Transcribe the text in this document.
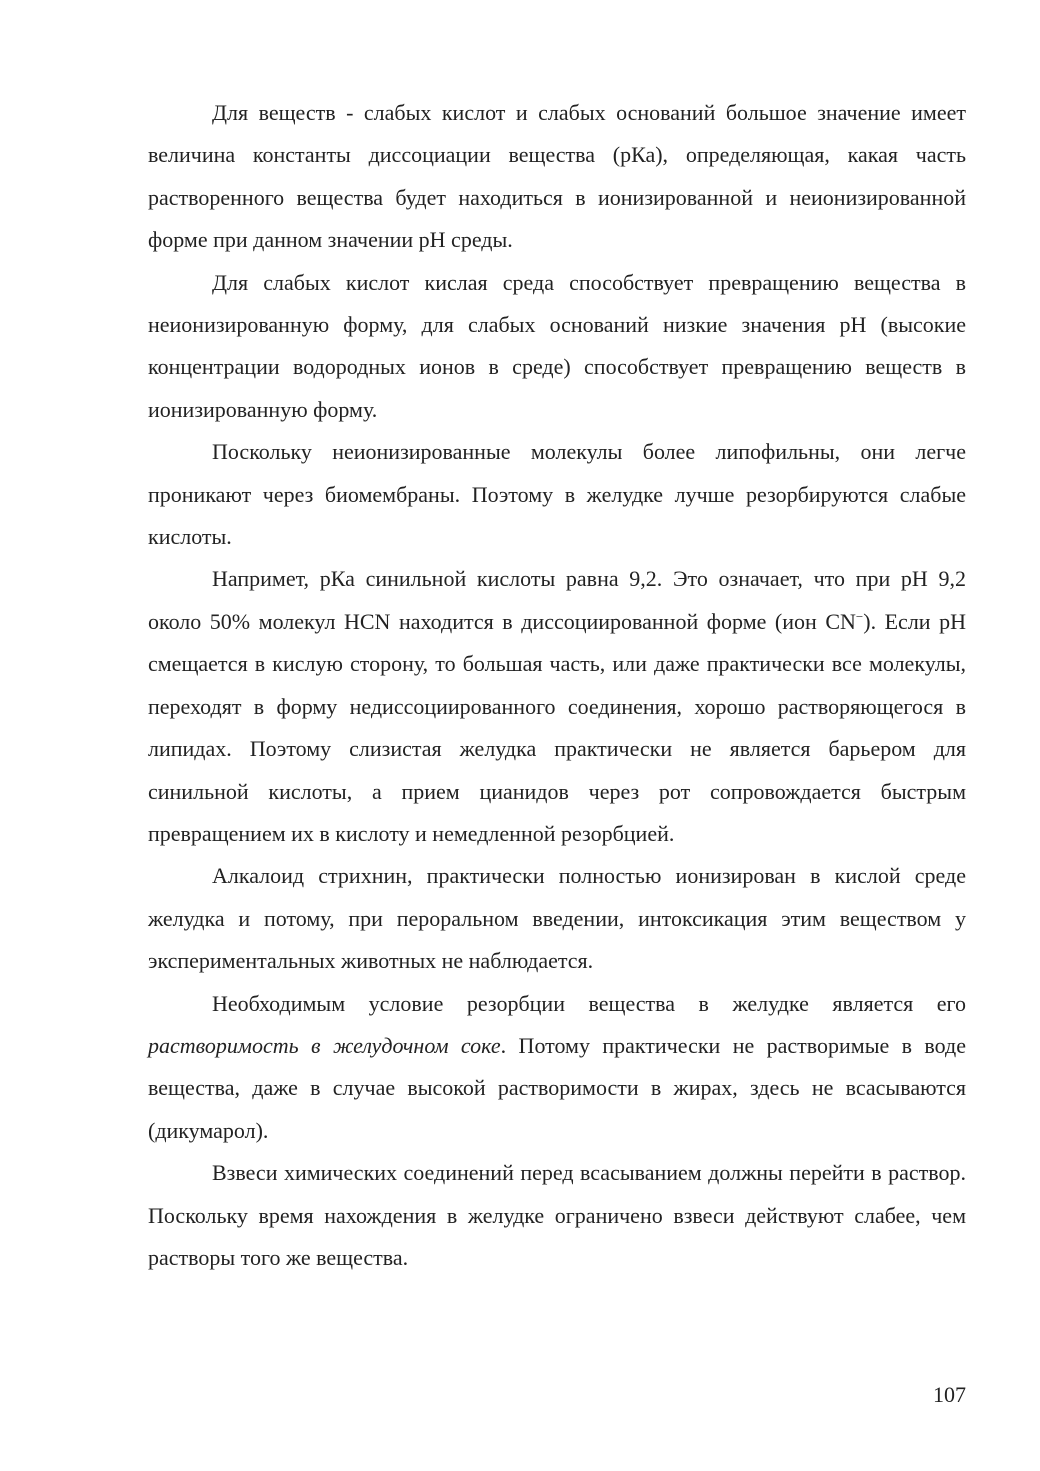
Для веществ - слабых кислот и слабых оснований большое значение имеет величина константы диссоциации вещества (рКа), определяющая, какая часть растворенного вещества будет находиться в ионизированной и неионизированной форме при данном значении рН среды.

Для слабых кислот кислая среда способствует превращению вещества в неионизированную форму, для слабых оснований низкие значения рН (высокие концентрации водородных ионов в среде) способствует превращению веществ в ионизированную форму.

Поскольку неионизированные молекулы более липофильны, они легче проникают через биомембраны. Поэтому в желудке лучше резорбируются слабые кислоты.

Напримет, рКа синильной кислоты равна 9,2. Это означает, что при рН 9,2 около 50% молекул HCN находится в диссоциированной форме (ион CN−). Если рН смещается в кислую сторону, то большая часть, или даже практически все молекулы, переходят в форму недиссоциированного соединения, хорошо растворяющегося в липидах. Поэтому слизистая желудка практически не является барьером для синильной кислоты, а прием цианидов через рот сопровождается быстрым превращением их в кислоту и немедленной резорбцией.

Алкалоид стрихнин, практически полностью ионизирован в кислой среде желудка и потому, при пероральном введении, интоксикация этим веществом у экспериментальных животных не наблюдается.

Необходимым условие резорбции вещества в желудке является его растворимость в желудочном соке. Потому практически не растворимые в воде вещества, даже в случае высокой растворимости в жирах, здесь не всасываются (дикумарол).

Взвеси химических соединений перед всасыванием должны перейти в раствор. Поскольку время нахождения в желудке ограничено взвеси действуют слабее, чем растворы того же вещества.

107
